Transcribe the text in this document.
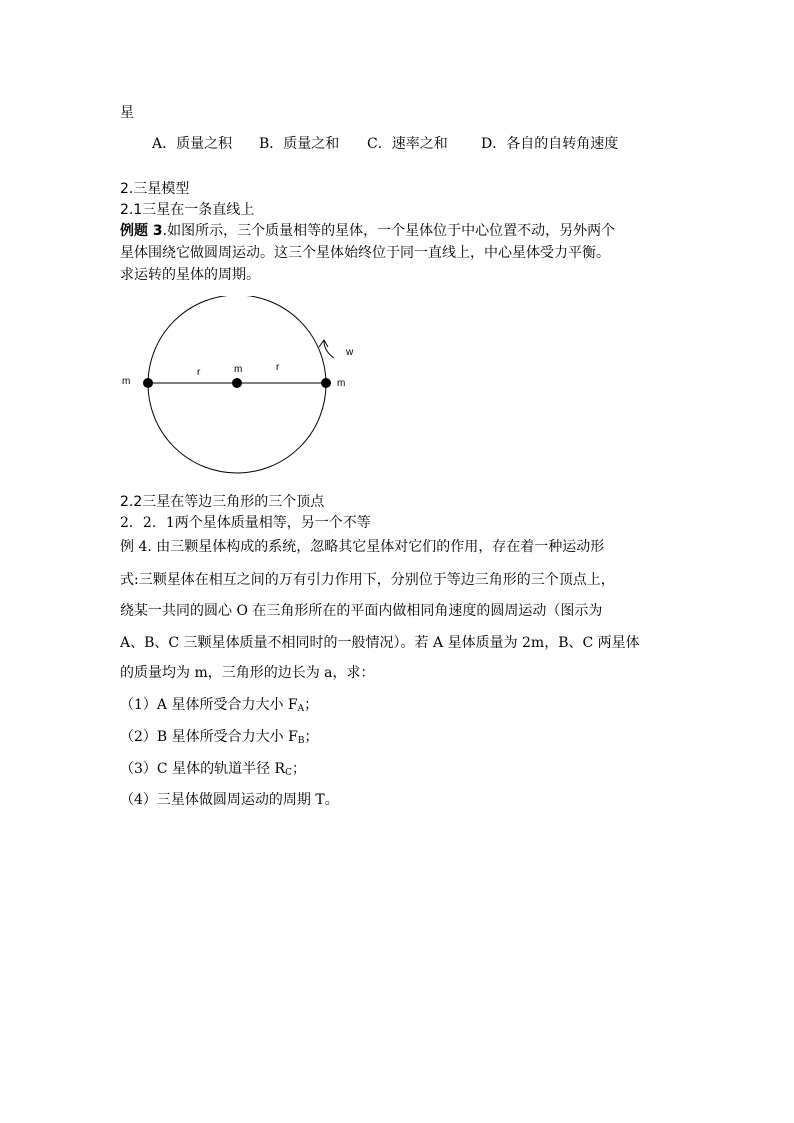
星
A．质量之积 B．质量之和 C．速率之和 D．各自的自转角速度
2.三星模型
2.1三星在一条直线上
例题 3.如图所示，三个质量相等的星体，一个星体位于中心位置不动，另外两个
星体围绕它做圆周运动。这三个星体始终位于同一直线上，中心星体受力平衡。
求运转的星体的周期。
m
m
m
r	r
w
2.2三星在等边三角形的三个顶点
2．2．1两个星体质量相等，另一个不等
例 4. 由三颗星体构成的系统，忽略其它星体对它们的作用，存在着一种运动形
式:三颗星体在相互之间的万有引力作用下，分别位于等边三角形的三个顶点上，
绕某一共同的圆心 O 在三角形所在的平面内做相同角速度的圆周运动（图示为
A、B、C 三颗星体质量不相同时的一般情况）。若 A 星体质量为 2m，B、C 两星体
的质量均为 m，三角形的边长为 a，求：
（1）A 星体所受合力大小 $F_A$；
（2）B 星体所受合力大小 $F_B$；
（3）C 星体的轨道半径 $R_C$；
（4）三星体做圆周运动的周期 T。
